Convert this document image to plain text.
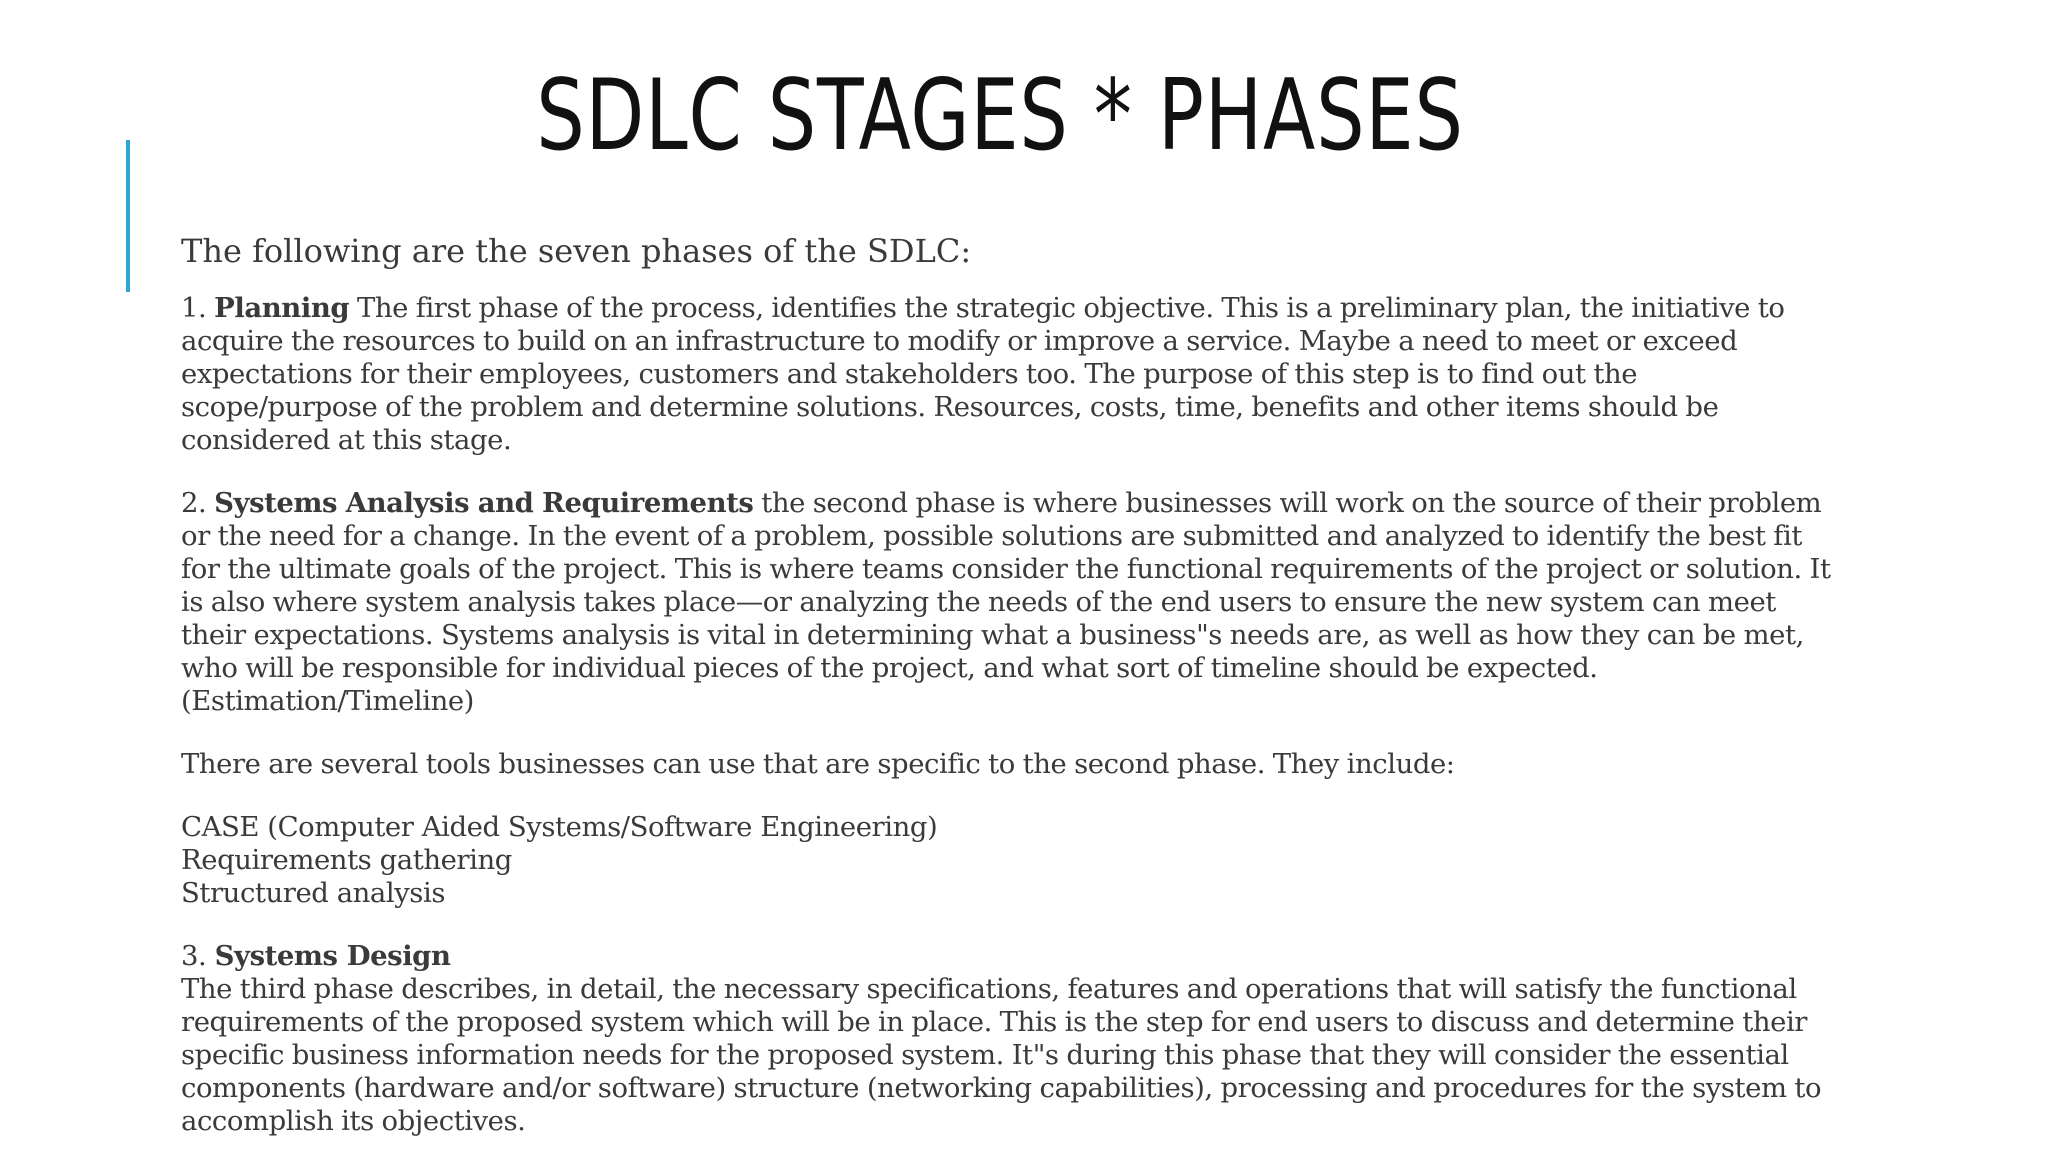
SDLC STAGES * PHASES
The following are the seven phases of the SDLC:
1. Planning The first phase of the process, identifies the strategic objective. This is a preliminary plan, the initiative to acquire the resources to build on an infrastructure to modify or improve a service. Maybe a need to meet or exceed expectations for their employees, customers and stakeholders too. The purpose of this step is to find out the scope/purpose of the problem and determine solutions. Resources, costs, time, benefits and other items should be considered at this stage.
2. Systems Analysis and Requirements the second phase is where businesses will work on the source of their problem or the need for a change. In the event of a problem, possible solutions are submitted and analyzed to identify the best fit for the ultimate goals of the project. This is where teams consider the functional requirements of the project or solution. It is also where system analysis takes place—or analyzing the needs of the end users to ensure the new system can meet their expectations. Systems analysis is vital in determining what a business"s needs are, as well as how they can be met, who will be responsible for individual pieces of the project, and what sort of timeline should be expected. (Estimation/Timeline)
There are several tools businesses can use that are specific to the second phase. They include:
CASE (Computer Aided Systems/Software Engineering)
Requirements gathering
Structured analysis
3. Systems Design
The third phase describes, in detail, the necessary specifications, features and operations that will satisfy the functional requirements of the proposed system which will be in place. This is the step for end users to discuss and determine their specific business information needs for the proposed system. It"s during this phase that they will consider the essential components (hardware and/or software) structure (networking capabilities), processing and procedures for the system to accomplish its objectives.
